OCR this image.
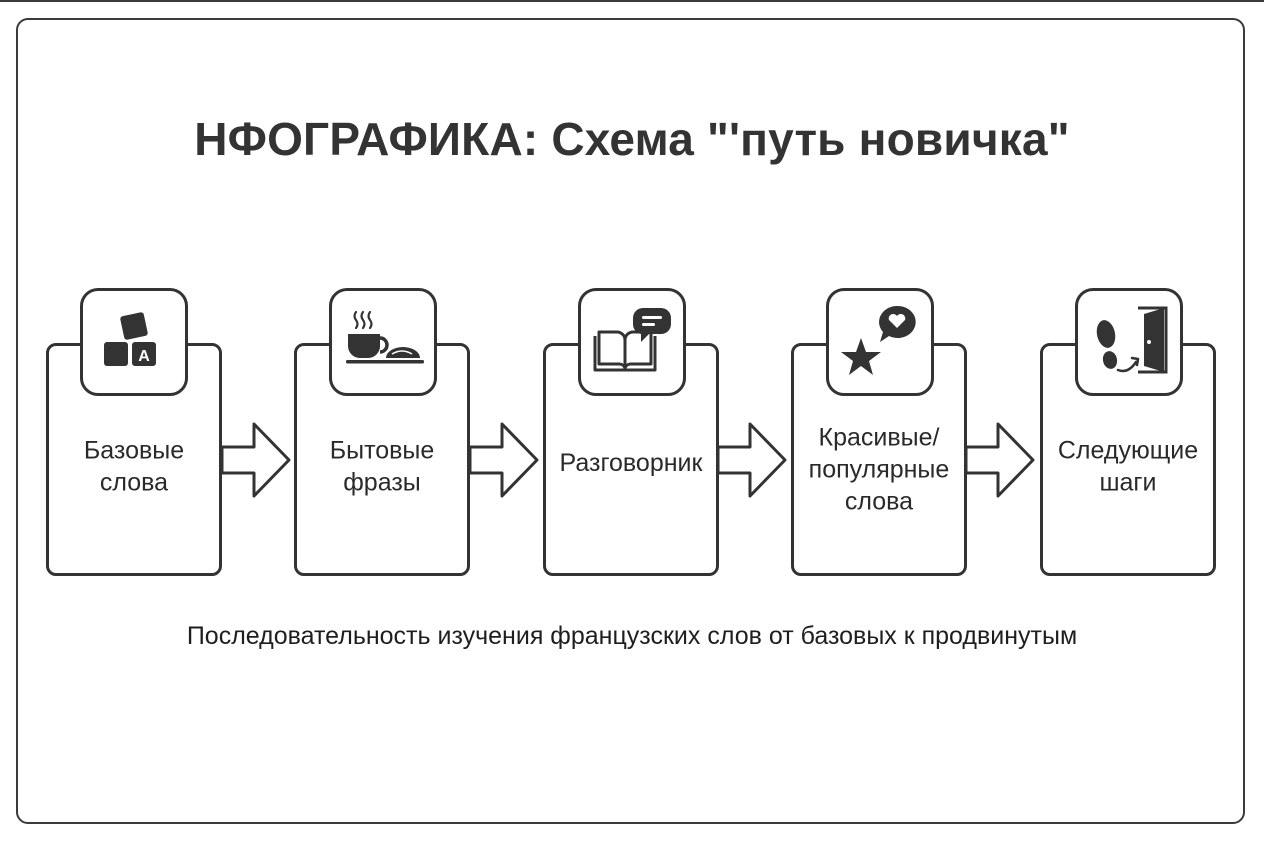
НФОГРАФИКА: Схема "'путь новичка"
Базовые
слова
A
Бытовые
фразы
Разговорник
Красивые/
популярные
слова
Следующие
шаги
Последовательность изучения французских слов от базовых к продвинутым
